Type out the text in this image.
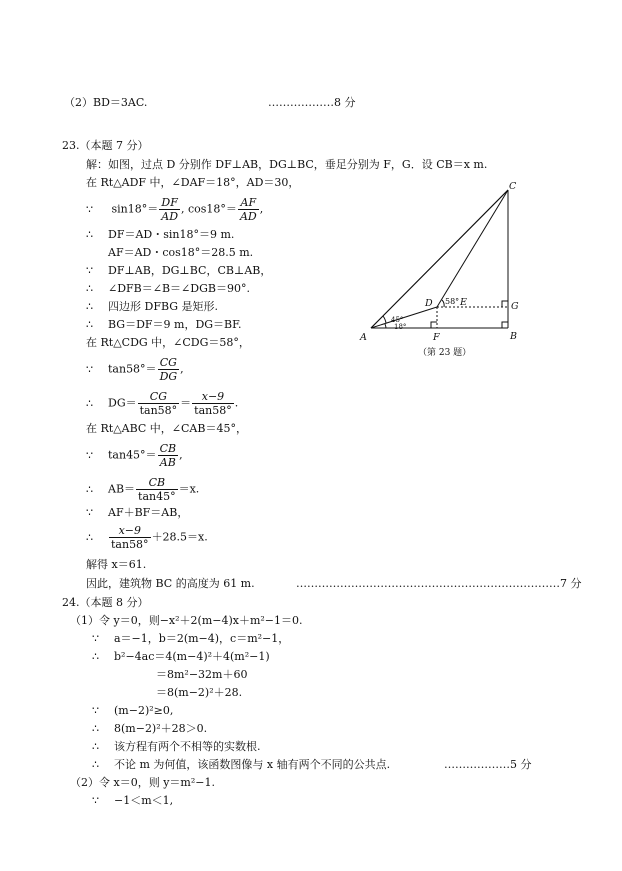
（2）BD＝3AC.	………………8 分
23.（本题 7 分）
解：如图，过点 D 分别作 DF⊥AB，DG⊥BC，垂足分别为 F，G．设 CB＝x m.
在 Rt△ADF 中，∠DAF＝18°，AD＝30，
∵ $\sin 18^\circ= \frac{DF}{AD}$ , $\cos 18^\circ= \frac{AF}{AD}$ ,
∴ DF＝AD・sin18°＝9 m.
AF＝AD・cos18°＝28.5 m.
∵ DF⊥AB，DG⊥BC，CB⊥AB，
∴ ∠DFB＝∠B＝∠DGB＝90°.
∴ 四边形 DFBG 是矩形.
∴ BG＝DF＝9 m，DG＝BF.
在 Rt△CDG 中，∠CDG＝58°，
∵ $\tan 58^\circ= \frac{CG}{DG}$ ,
∴ $DG= \frac{CG}{\tan 58^\circ} = \frac{x-9}{\tan 58^\circ}$ .
在 Rt△ABC 中，∠CAB＝45°，
∵ $\tan 45^\circ= \frac{CB}{AB}$ ,
∴ $AB= \frac{CB}{\tan 45^\circ} =x$.
∵ AF＋BF＝AB，
∴ $\frac{x-9}{\tan 58^\circ} +28.5=x$.
解得 x＝61.
因此，建筑物 BC 的高度为 61 m.	………………………………………………………………7 分
A	B
C
D	E
F
G
45°
18°
58°
（第 23 题）
24.（本题 8 分）
（1）令 y＝0，则−x²＋2(m−4)x＋m²−1＝0.
∵ a＝−1，b＝2(m−4)，c＝m²−1，
∴ b²−4ac＝4(m−4)²＋4(m²−1)
＝8m²−32m＋60
＝8(m−2)²＋28.
∵ (m−2)²≥0,
∴ 8(m−2)²＋28＞0.
∴ 该方程有两个不相等的实数根.
∴ 不论 m 为何值，该函数图像与 x 轴有两个不同的公共点.	………………5 分
（2）令 x＝0，则 y＝m²−1.
∵ −1＜m＜1,
